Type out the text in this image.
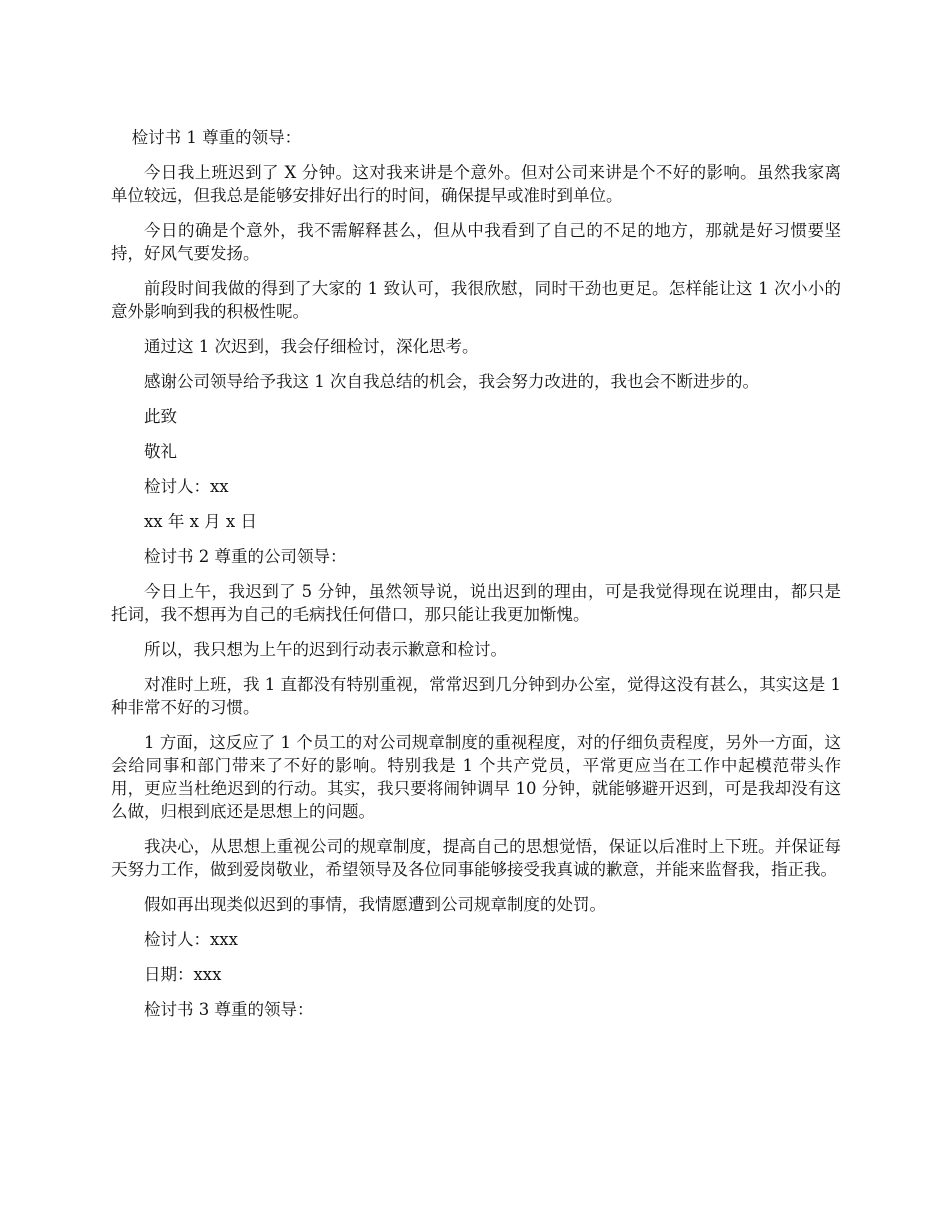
检讨书 1 尊重的领导：

今日我上班迟到了 X 分钟。这对我来讲是个意外。但对公司来讲是个不好的影响。虽然我家离单位较远，但我总是能够安排好出行的时间，确保提早或准时到单位。

今日的确是个意外，我不需解释甚么，但从中我看到了自己的不足的地方，那就是好习惯要坚持，好风气要发扬。

前段时间我做的得到了大家的 1 致认可，我很欣慰，同时干劲也更足。怎样能让这 1 次小小的意外影响到我的积极性呢。

通过这 1 次迟到，我会仔细检讨，深化思考。

感谢公司领导给予我这 1 次自我总结的机会，我会努力改进的，我也会不断进步的。

此致

敬礼

检讨人：xx

xx 年 x 月 x 日

检讨书 2 尊重的公司领导：

今日上午，我迟到了 5 分钟，虽然领导说，说出迟到的理由，可是我觉得现在说理由，都只是托词，我不想再为自己的毛病找任何借口，那只能让我更加惭愧。

所以，我只想为上午的迟到行动表示歉意和检讨。

对准时上班，我 1 直都没有特别重视，常常迟到几分钟到办公室，觉得这没有甚么，其实这是 1 种非常不好的习惯。

1 方面，这反应了 1 个员工的对公司规章制度的重视程度，对的仔细负责程度，另外一方面，这会给同事和部门带来了不好的影响。特别我是 1 个共产党员，平常更应当在工作中起模范带头作用，更应当杜绝迟到的行动。其实，我只要将闹钟调早 10 分钟，就能够避开迟到，可是我却没有这么做，归根到底还是思想上的问题。

我决心，从思想上重视公司的规章制度，提高自己的思想觉悟，保证以后准时上下班。并保证每天努力工作，做到爱岗敬业，希望领导及各位同事能够接受我真诚的歉意，并能来监督我，指正我。

假如再出现类似迟到的事情，我情愿遭到公司规章制度的处罚。

检讨人：xxx

日期：xxx

检讨书 3 尊重的领导：
